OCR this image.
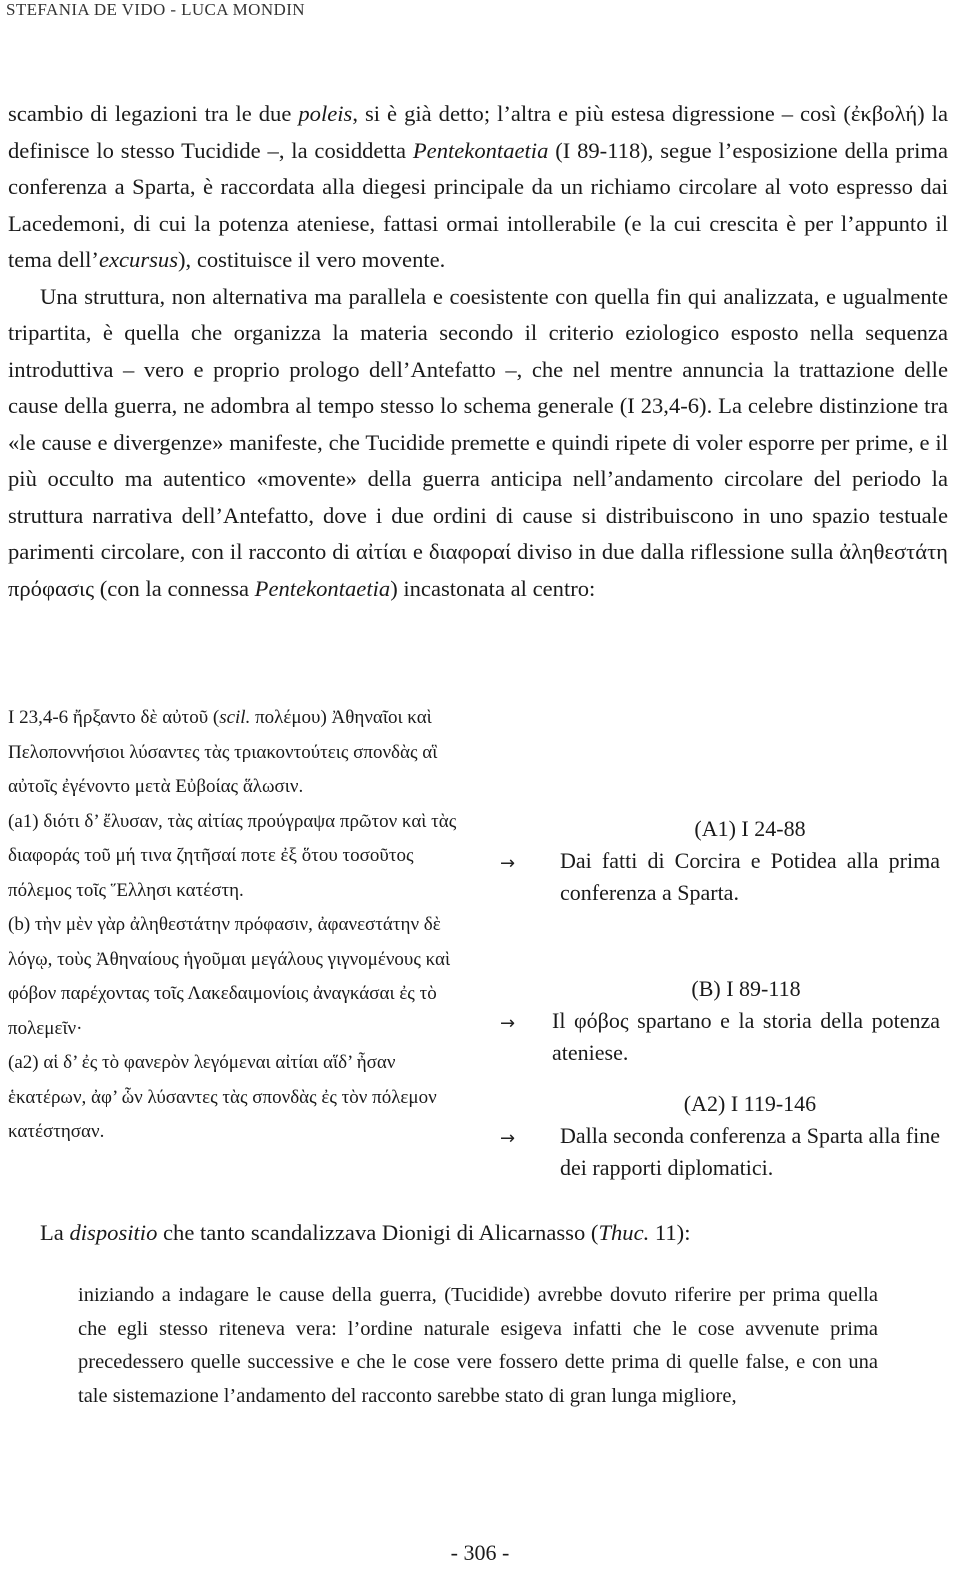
STEFANIA DE VIDO - LUCA MONDIN

scambio di legazioni tra le due poleis, si è già detto; l’altra e più estesa digressione – così (ἐκβολή) la definisce lo stesso Tucidide –, la cosiddetta Pentekontaetia (I 89-118), segue l’esposizione della prima conferenza a Sparta, è raccordata alla diegesi principale da un richiamo circolare al voto espresso dai Lacedemoni, di cui la potenza ateniese, fattasi ormai intollerabile (e la cui crescita è per l’appunto il tema dell’excursus), costituisce il vero movente.

Una struttura, non alternativa ma parallela e coesistente con quella fin qui analizzata, e ugualmente tripartita, è quella che organizza la materia secondo il criterio eziologico esposto nella sequenza introduttiva – vero e proprio prologo dell’Antefatto –, che nel mentre annuncia la trattazione delle cause della guerra, ne adombra al tempo stesso lo schema generale (I 23,4-6). La celebre distinzione tra «le cause e divergenze» manifeste, che Tucidide premette e quindi ripete di voler esporre per prime, e il più occulto ma autentico «movente» della guerra anticipa nell’andamento circolare del periodo la struttura narrativa dell’Antefatto, dove i due ordini di cause si distribuiscono in uno spazio testuale parimenti circolare, con il racconto di αἰτίαι e διαφοραί diviso in due dalla riflessione sulla ἀληθεστάτη πρόφασις (con la connessa Pentekontaetia) incastonata al centro:

I 23,4-6 ἤρξαντο δὲ αὐτοῦ (scil. πολέμου) Ἀθηναῖοι καὶ Πελοποννήσιοι λύσαντες τὰς τριακοντούτεις σπονδὰς αἳ αὐτοῖς ἐγένοντο μετὰ Εὐβοίας ἅλωσιν.

(a1) διότι δ’ ἔλυσαν, τὰς αἰτίας προύγραψα πρῶτον καὶ τὰς διαφοράς τοῦ μή τινα ζητῆσαί ποτε ἐξ ὅτου τοσοῦτος πόλεμος τοῖς Ἕλλησι κατέστη.

(b) τὴν μὲν γὰρ ἀληθεστάτην πρόφασιν, ἀφανεστάτην δὲ λόγῳ, τοὺς Ἀθηναίους ἡγοῦμαι μεγάλους γιγνομένους καὶ φόβον παρέχοντας τοῖς Λακεδαιμονίοις ἀναγκάσαι ἐς τὸ πολεμεῖν·

(a2) αἱ δ’ ἐς τὸ φανερὸν λεγόμεναι αἰτίαι αἵδ’ ἦσαν ἑκατέρων, ἀφ’ ὧν λύσαντες τὰς σπονδὰς ἐς τὸν πόλεμον κατέστησαν.

→
(A1) I 24-88
Dai fatti di Corcira e Potidea alla prima conferenza a Sparta.
→
(B) I 89-118
Il φόβος spartano e la storia della potenza ateniese.
→
(A2) I 119-146
Dalla seconda conferenza a Sparta alla fine dei rapporti diplomatici.
La dispositio che tanto scandalizzava Dionigi di Alicarnasso (Thuc. 11):
iniziando a indagare le cause della guerra, (Tucidide) avrebbe dovuto riferire per prima quella che egli stesso riteneva vera: l’ordine naturale esigeva infatti che le cose avvenute prima precedessero quelle successive e che le cose vere fossero dette prima di quelle false, e con una tale sistemazione l’andamento del racconto sarebbe stato di gran lunga migliore,
- 306 -
